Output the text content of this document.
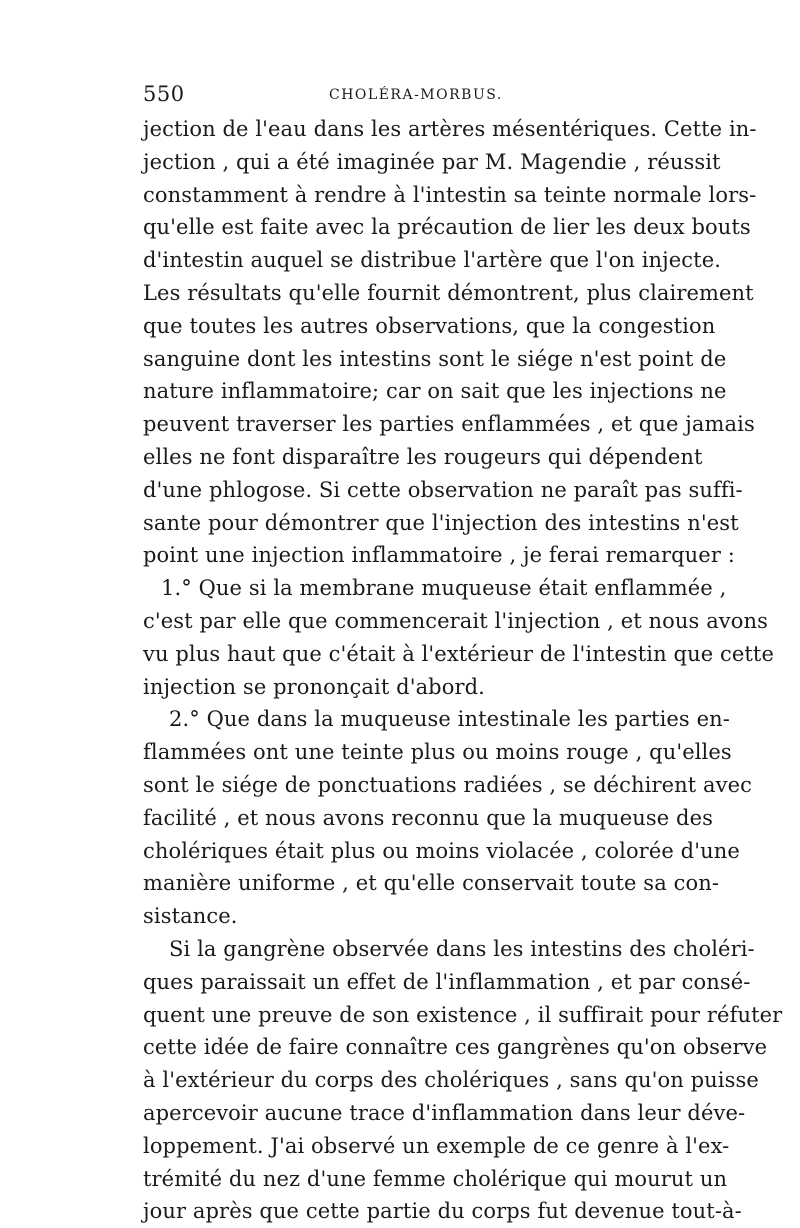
550	CHOLÉRA-MORBUS.
jection de l'eau dans les artères mésentériques. Cette in-
jection , qui a été imaginée par M. Magendie , réussit
constamment à rendre à l'intestin sa teinte normale lors-
qu'elle est faite avec la précaution de lier les deux bouts
d'intestin auquel se distribue l'artère que l'on injecte.
Les résultats qu'elle fournit démontrent, plus clairement
que toutes les autres observations, que la congestion
sanguine dont les intestins sont le siége n'est point de
nature inflammatoire; car on sait que les injections ne
peuvent traverser les parties enflammées , et que jamais
elles ne font disparaître les rougeurs qui dépendent
d'une phlogose. Si cette observation ne paraît pas suffi-
sante pour démontrer que l'injection des intestins n'est
point une injection inflammatoire , je ferai remarquer :
1.° Que si la membrane muqueuse était enflammée ,
c'est par elle que commencerait l'injection , et nous avons
vu plus haut que c'était à l'extérieur de l'intestin que cette
injection se prononçait d'abord.
2.° Que dans la muqueuse intestinale les parties en-
flammées ont une teinte plus ou moins rouge , qu'elles
sont le siége de ponctuations radiées , se déchirent avec
facilité , et nous avons reconnu que la muqueuse des
cholériques était plus ou moins violacée , colorée d'une
manière uniforme , et qu'elle conservait toute sa con-
sistance.
Si la gangrène observée dans les intestins des choléri-
ques paraissait un effet de l'inflammation , et par consé-
quent une preuve de son existence , il suffirait pour réfuter
cette idée de faire connaître ces gangrènes qu'on observe
à l'extérieur du corps des cholériques , sans qu'on puisse
apercevoir aucune trace d'inflammation dans leur déve-
loppement. J'ai observé un exemple de ce genre à l'ex-
trémité du nez d'une femme cholérique qui mourut un
jour après que cette partie du corps fut devenue tout-à-
